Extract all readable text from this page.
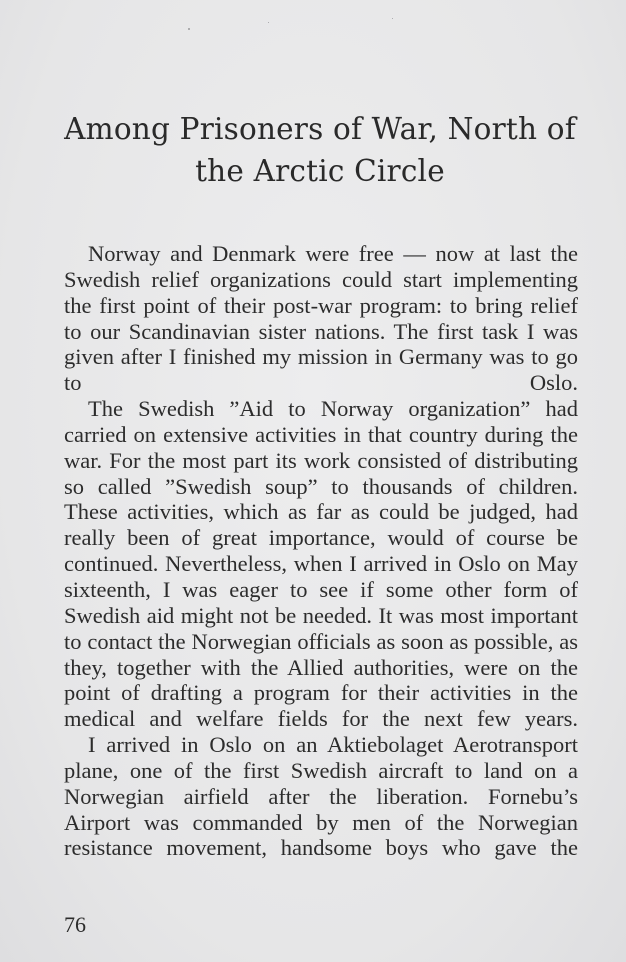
Among Prisoners of War, North of the Arctic Circle

Norway and Denmark were free — now at last the Swedish relief organizations could start implementing the first point of their post-war program: to bring relief to our Scandinavian sister nations. The first task I was given after I finished my mission in Germany was to go to Oslo.

The Swedish ”Aid to Norway organization” had carried on extensive activities in that country during the war. For the most part its work consisted of distributing so called ”Swedish soup” to thousands of children. These activities, which as far as could be judged, had really been of great importance, would of course be continued. Nevertheless, when I arrived in Oslo on May sixteenth, I was eager to see if some other form of Swedish aid might not be needed. It was most important to contact the Norwegian officials as soon as possible, as they, together with the Allied authorities, were on the point of drafting a program for their activities in the medical and welfare fields for the next few years.

I arrived in Oslo on an Aktiebolaget Aerotransport plane, one of the first Swedish aircraft to land on a Norwegian airfield after the liberation. Fornebu’s Airport was commanded by men of the Norwegian resistance movement, handsome boys who gave the

76
